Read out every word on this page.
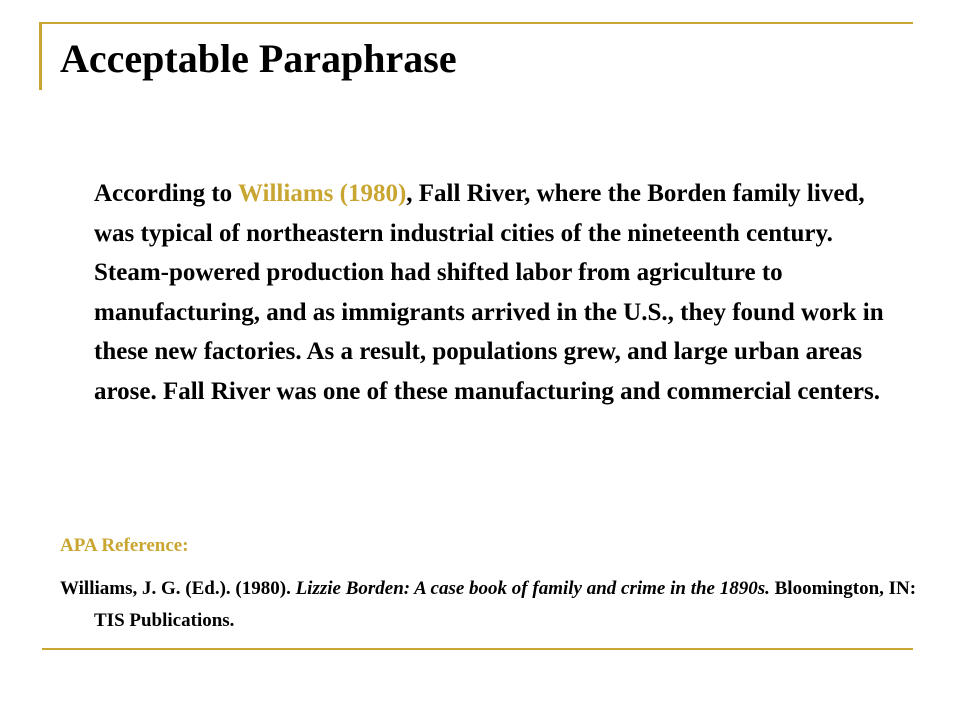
Acceptable Paraphrase

According to Williams (1980), Fall River, where the Borden family lived, was typical of northeastern industrial cities of the nineteenth century. Steam-powered production had shifted labor from agriculture to manufacturing, and as immigrants arrived in the U.S., they found work in these new factories. As a result, populations grew, and large urban areas arose. Fall River was one of these manufacturing and commercial centers.

APA Reference:

Williams, J. G. (Ed.). (1980). Lizzie Borden: A case book of family and crime in the 1890s. Bloomington, IN: TIS Publications.
